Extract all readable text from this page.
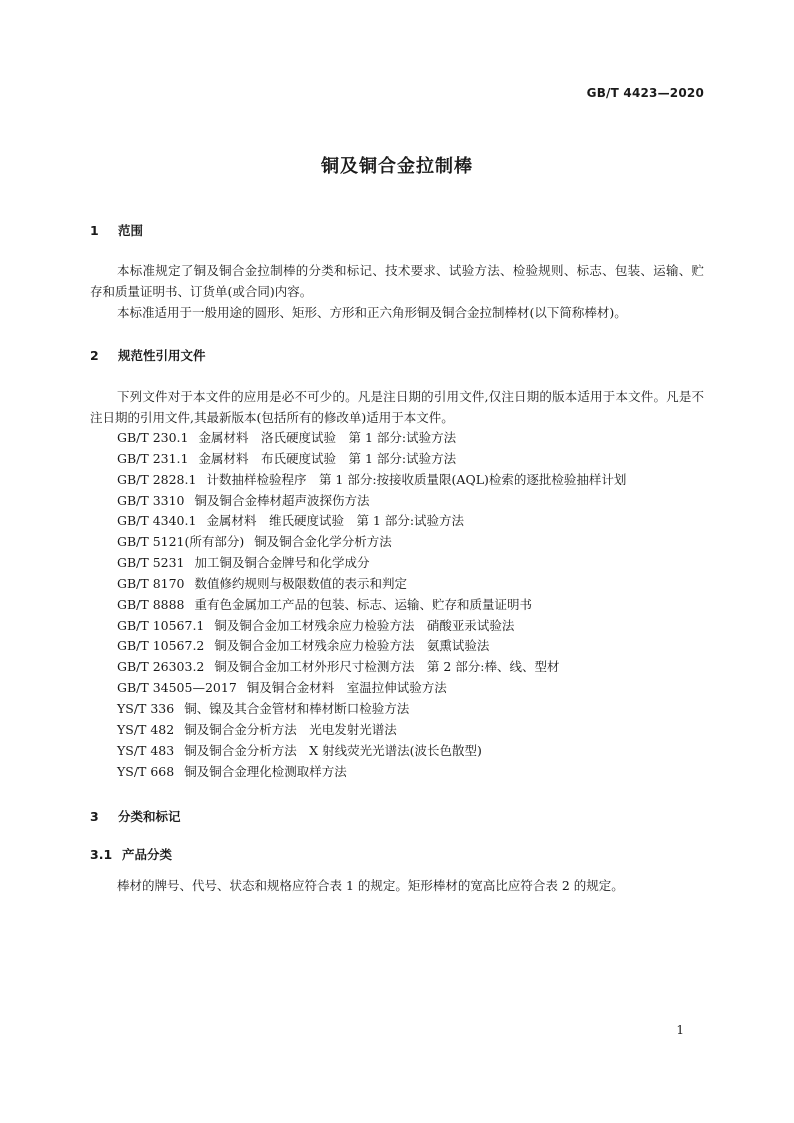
GB/T 4423—2020
铜及铜合金拉制棒
1 范围

本标准规定了铜及铜合金拉制棒的分类和标记、技术要求、试验方法、检验规则、标志、包装、运输、贮存和质量证明书、订货单(或合同)内容。

本标准适用于一般用途的圆形、矩形、方形和正六角形铜及铜合金拉制棒材(以下简称棒材)。

2 规范性引用文件

下列文件对于本文件的应用是必不可少的。凡是注日期的引用文件,仅注日期的版本适用于本文件。凡是不注日期的引用文件,其最新版本(包括所有的修改单)适用于本文件。

GB/T 230.1 金属材料　洛氏硬度试验　第 1 部分:试验方法
GB/T 231.1 金属材料　布氏硬度试验　第 1 部分:试验方法
GB/T 2828.1 计数抽样检验程序　第 1 部分:按接收质量限(AQL)检索的逐批检验抽样计划
GB/T 3310 铜及铜合金棒材超声波探伤方法
GB/T 4340.1 金属材料　维氏硬度试验　第 1 部分:试验方法
GB/T 5121(所有部分) 铜及铜合金化学分析方法
GB/T 5231 加工铜及铜合金牌号和化学成分
GB/T 8170 数值修约规则与极限数值的表示和判定
GB/T 8888 重有色金属加工产品的包装、标志、运输、贮存和质量证明书
GB/T 10567.1 铜及铜合金加工材残余应力检验方法　硝酸亚汞试验法
GB/T 10567.2 铜及铜合金加工材残余应力检验方法　氨熏试验法
GB/T 26303.2 铜及铜合金加工材外形尺寸检测方法　第 2 部分:棒、线、型材
GB/T 34505—2017 铜及铜合金材料　室温拉伸试验方法
YS/T 336 铜、镍及其合金管材和棒材断口检验方法
YS/T 482 铜及铜合金分析方法　光电发射光谱法
YS/T 483 铜及铜合金分析方法　X 射线荧光光谱法(波长色散型)
YS/T 668 铜及铜合金理化检测取样方法
3 分类和标记
3.1 产品分类

棒材的牌号、代号、状态和规格应符合表 1 的规定。矩形棒材的宽高比应符合表 2 的规定。

1
